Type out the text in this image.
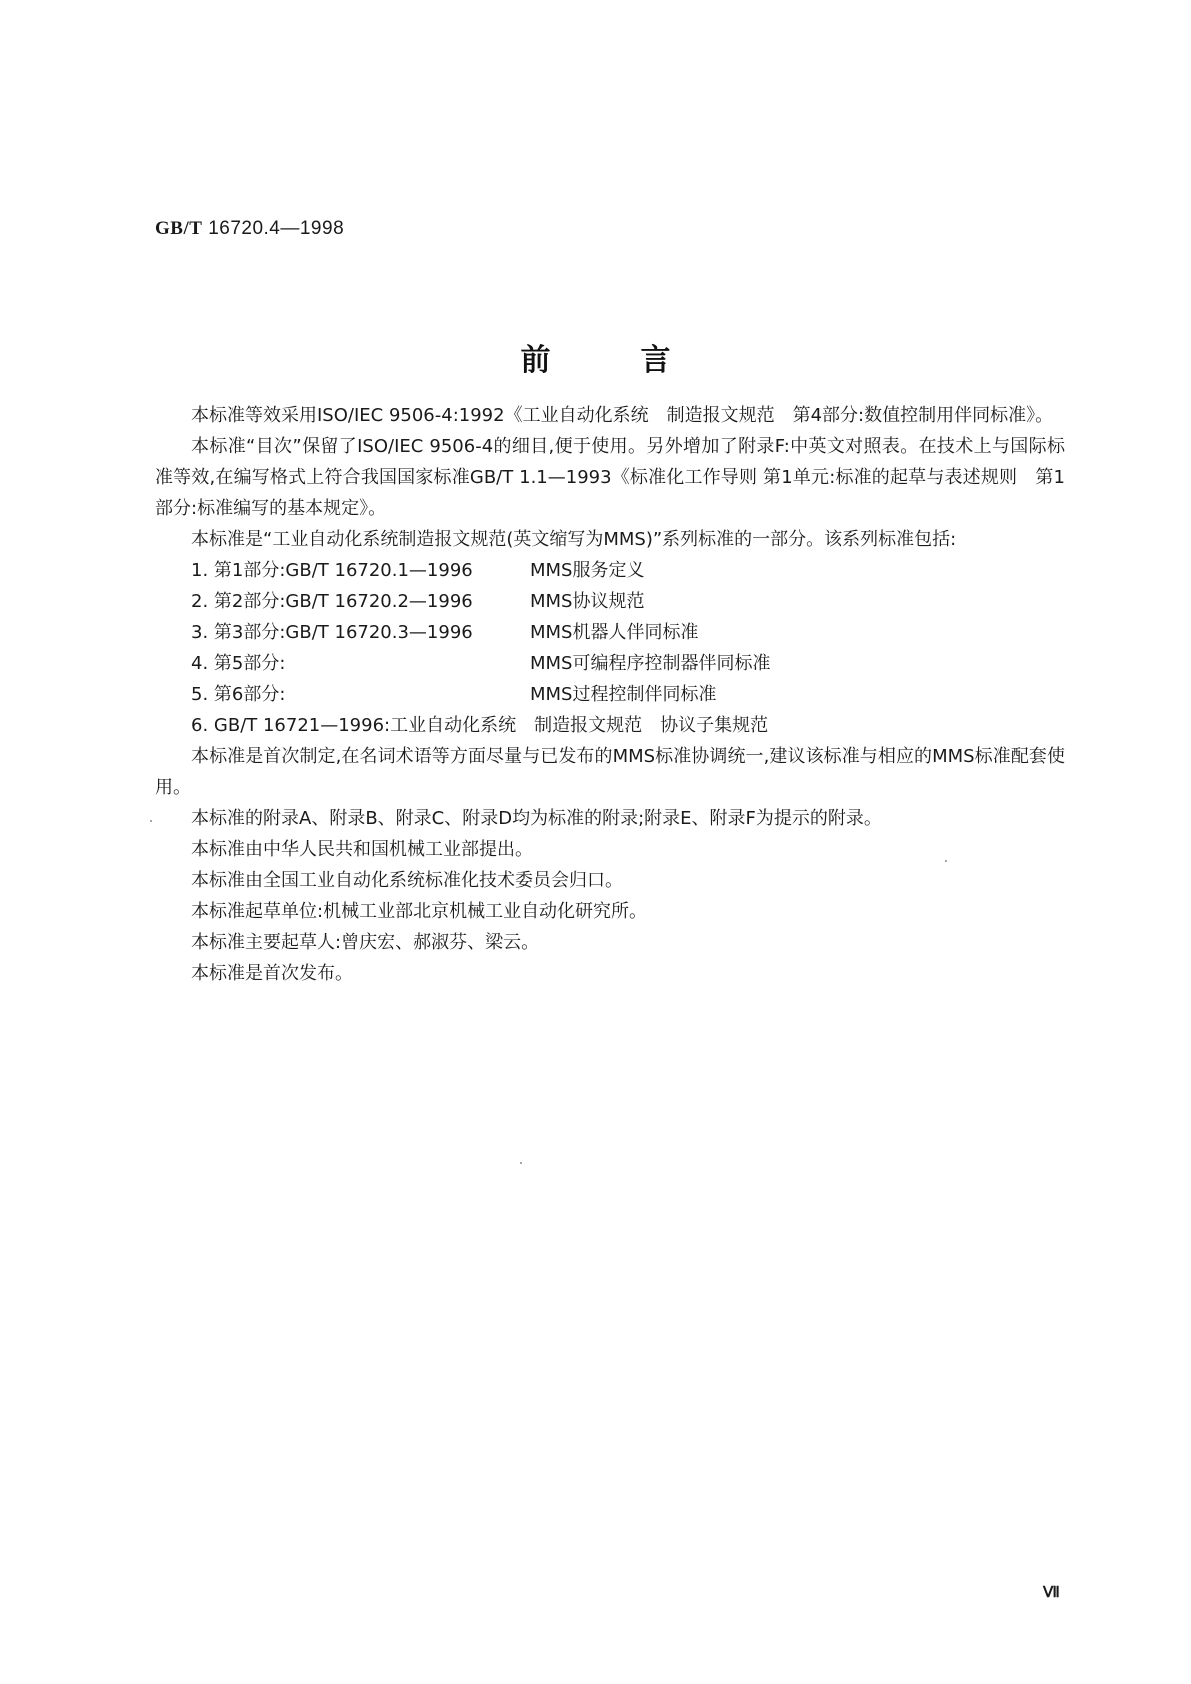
GB/T 16720.4—1998
前言

本标准等效采用ISO/IEC 9506-4:1992《工业自动化系统　制造报文规范　第4部分:数值控制用伴同标准》。

本标准“目次”保留了ISO/IEC 9506-4的细目,便于使用。另外增加了附录F:中英文对照表。在技术上与国际标准等效,在编写格式上符合我国国家标准GB/T 1.1—1993《标准化工作导则 第1单元:标准的起草与表述规则　第1部分:标准编写的基本规定》。

本标准是“工业自动化系统制造报文规范(英文缩写为MMS)”系列标准的一部分。该系列标准包括:

1. 第1部分:GB/T 16720.1—1996	MMS服务定义
2. 第2部分:GB/T 16720.2—1996	MMS协议规范
3. 第3部分:GB/T 16720.3—1996	MMS机器人伴同标准
4. 第5部分:	MMS可编程序控制器伴同标准
5. 第6部分:	MMS过程控制伴同标准
6. GB/T 16721—1996:工业自动化系统　制造报文规范　协议子集规范

本标准是首次制定,在名词术语等方面尽量与已发布的MMS标准协调统一,建议该标准与相应的MMS标准配套使用。

本标准的附录A、附录B、附录C、附录D均为标准的附录;附录E、附录F为提示的附录。

本标准由中华人民共和国机械工业部提出。

本标准由全国工业自动化系统标准化技术委员会归口。

本标准起草单位:机械工业部北京机械工业自动化研究所。

本标准主要起草人:曾庆宏、郝淑芬、梁云。

本标准是首次发布。

Ⅶ
